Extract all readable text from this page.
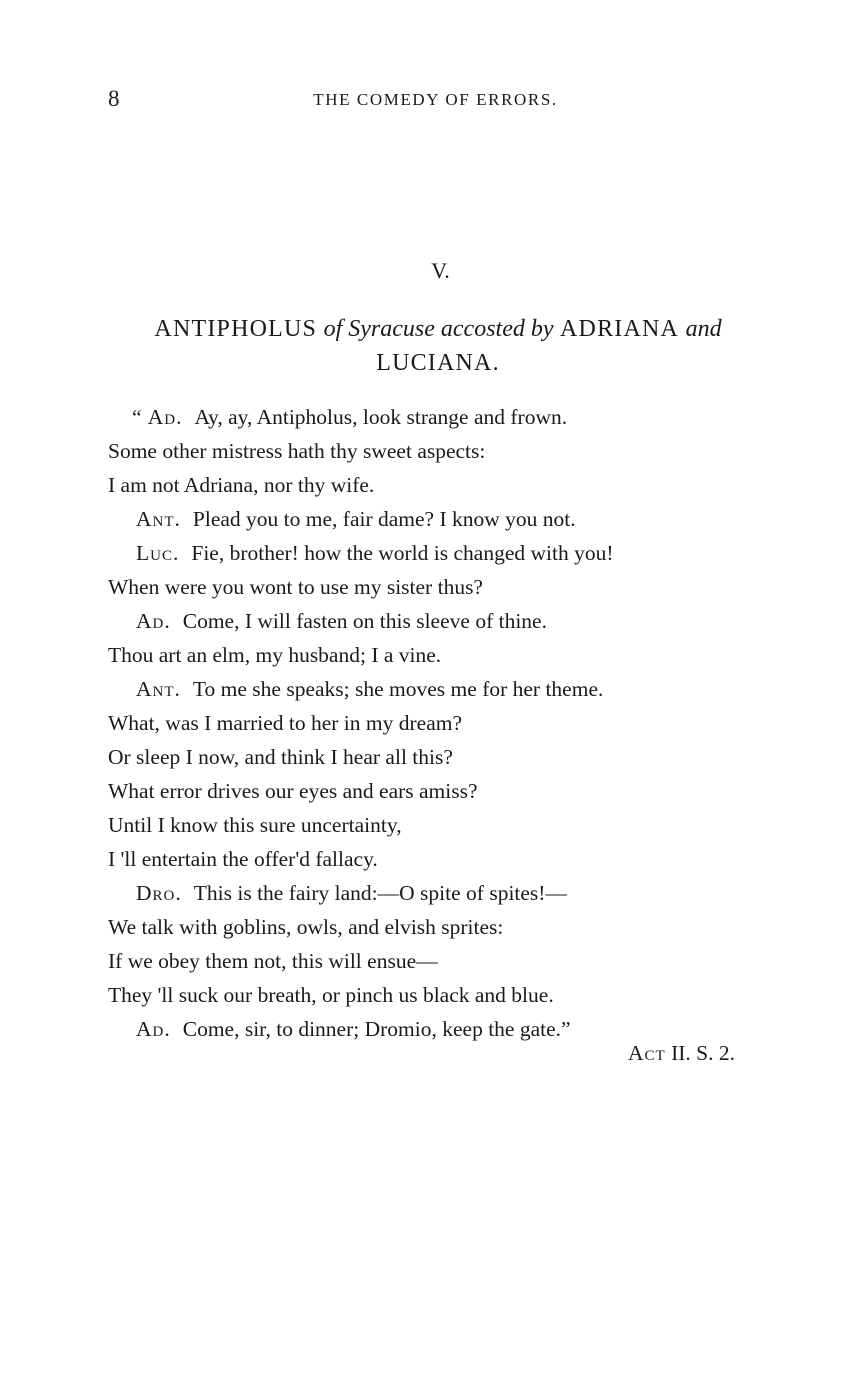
8	THE COMEDY OF ERRORS.
V.
ANTIPHOLUS of Syracuse accosted by ADRIANA and
LUCIANA.
“ Ad. Ay, ay, Antipholus, look strange and frown.
Some other mistress hath thy sweet aspects:
I am not Adriana, nor thy wife.
Ant. Plead you to me, fair dame? I know you not.
Luc. Fie, brother! how the world is changed with you!
When were you wont to use my sister thus?
Ad. Come, I will fasten on this sleeve of thine.
Thou art an elm, my husband; I a vine.
Ant. To me she speaks; she moves me for her theme.
What, was I married to her in my dream?
Or sleep I now, and think I hear all this?
What error drives our eyes and ears amiss?
Until I know this sure uncertainty,
I 'll entertain the offer'd fallacy.
Dro. This is the fairy land:—O spite of spites!—
We talk with goblins, owls, and elvish sprites:
If we obey them not, this will ensue—
They 'll suck our breath, or pinch us black and blue.
Ad. Come, sir, to dinner; Dromio, keep the gate.”
Act II. S. 2.
